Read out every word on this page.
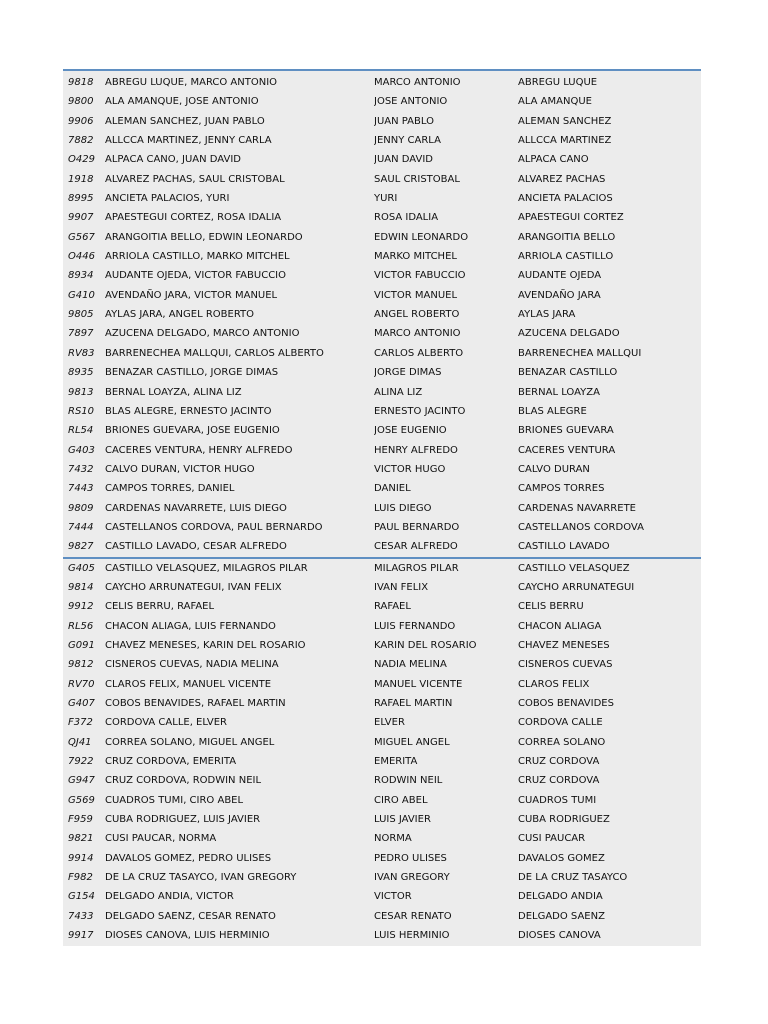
9818	ABREGU LUQUE, MARCO ANTONIO	MARCO ANTONIO	ABREGU LUQUE
9800	ALA AMANQUE, JOSE ANTONIO	JOSE ANTONIO	ALA AMANQUE
9906	ALEMAN SANCHEZ, JUAN PABLO	JUAN PABLO	ALEMAN SANCHEZ
7882	ALLCCA MARTINEZ, JENNY CARLA	JENNY CARLA	ALLCCA MARTINEZ
O429	ALPACA CANO, JUAN DAVID	JUAN DAVID	ALPACA CANO
1918	ALVAREZ PACHAS, SAUL CRISTOBAL	SAUL CRISTOBAL	ALVAREZ PACHAS
8995	ANCIETA PALACIOS, YURI	YURI	ANCIETA PALACIOS
9907	APAESTEGUI CORTEZ, ROSA IDALIA	ROSA IDALIA	APAESTEGUI CORTEZ
G567	ARANGOITIA BELLO, EDWIN LEONARDO	EDWIN LEONARDO	ARANGOITIA BELLO
O446	ARRIOLA CASTILLO, MARKO MITCHEL	MARKO MITCHEL	ARRIOLA CASTILLO
8934	AUDANTE OJEDA, VICTOR FABUCCIO	VICTOR FABUCCIO	AUDANTE OJEDA
G410	AVENDAÑO JARA, VICTOR MANUEL	VICTOR MANUEL	AVENDAÑO JARA
9805	AYLAS JARA, ANGEL ROBERTO	ANGEL ROBERTO	AYLAS JARA
7897	AZUCENA DELGADO, MARCO ANTONIO	MARCO ANTONIO	AZUCENA DELGADO
RV83	BARRENECHEA MALLQUI, CARLOS ALBERTO	CARLOS ALBERTO	BARRENECHEA MALLQUI
8935	BENAZAR CASTILLO, JORGE DIMAS	JORGE DIMAS	BENAZAR CASTILLO
9813	BERNAL LOAYZA, ALINA LIZ	ALINA LIZ	BERNAL LOAYZA
RS10	BLAS ALEGRE, ERNESTO JACINTO	ERNESTO JACINTO	BLAS ALEGRE
RL54	BRIONES GUEVARA, JOSE EUGENIO	JOSE EUGENIO	BRIONES GUEVARA
G403	CACERES VENTURA, HENRY ALFREDO	HENRY ALFREDO	CACERES VENTURA
7432	CALVO DURAN, VICTOR HUGO	VICTOR HUGO	CALVO DURAN
7443	CAMPOS TORRES, DANIEL	DANIEL	CAMPOS TORRES
9809	CARDENAS NAVARRETE, LUIS DIEGO	LUIS DIEGO	CARDENAS NAVARRETE
7444	CASTELLANOS CORDOVA, PAUL BERNARDO	PAUL BERNARDO	CASTELLANOS CORDOVA
9827	CASTILLO LAVADO, CESAR ALFREDO	CESAR ALFREDO	CASTILLO LAVADO
G405	CASTILLO VELASQUEZ, MILAGROS PILAR	MILAGROS PILAR	CASTILLO VELASQUEZ
9814	CAYCHO ARRUNATEGUI, IVAN FELIX	IVAN FELIX	CAYCHO ARRUNATEGUI
9912	CELIS BERRU, RAFAEL	RAFAEL	CELIS BERRU
RL56	CHACON ALIAGA, LUIS FERNANDO	LUIS FERNANDO	CHACON ALIAGA
G091	CHAVEZ MENESES, KARIN DEL ROSARIO	KARIN DEL ROSARIO	CHAVEZ MENESES
9812	CISNEROS CUEVAS, NADIA MELINA	NADIA MELINA	CISNEROS CUEVAS
RV70	CLAROS FELIX, MANUEL VICENTE	MANUEL VICENTE	CLAROS FELIX
G407	COBOS BENAVIDES, RAFAEL MARTIN	RAFAEL MARTIN	COBOS BENAVIDES
F372	CORDOVA CALLE, ELVER	ELVER	CORDOVA CALLE
QJ41	CORREA SOLANO, MIGUEL ANGEL	MIGUEL ANGEL	CORREA SOLANO
7922	CRUZ CORDOVA, EMERITA	EMERITA	CRUZ CORDOVA
G947	CRUZ CORDOVA, RODWIN NEIL	RODWIN NEIL	CRUZ CORDOVA
G569	CUADROS TUMI, CIRO ABEL	CIRO ABEL	CUADROS TUMI
F959	CUBA RODRIGUEZ, LUIS JAVIER	LUIS JAVIER	CUBA RODRIGUEZ
9821	CUSI PAUCAR, NORMA	NORMA	CUSI PAUCAR
9914	DAVALOS GOMEZ, PEDRO ULISES	PEDRO ULISES	DAVALOS GOMEZ
F982	DE LA CRUZ TASAYCO, IVAN GREGORY	IVAN GREGORY	DE LA CRUZ TASAYCO
G154	DELGADO ANDIA, VICTOR	VICTOR	DELGADO ANDIA
7433	DELGADO SAENZ, CESAR RENATO	CESAR RENATO	DELGADO SAENZ
9917	DIOSES CANOVA, LUIS HERMINIO	LUIS HERMINIO	DIOSES CANOVA
